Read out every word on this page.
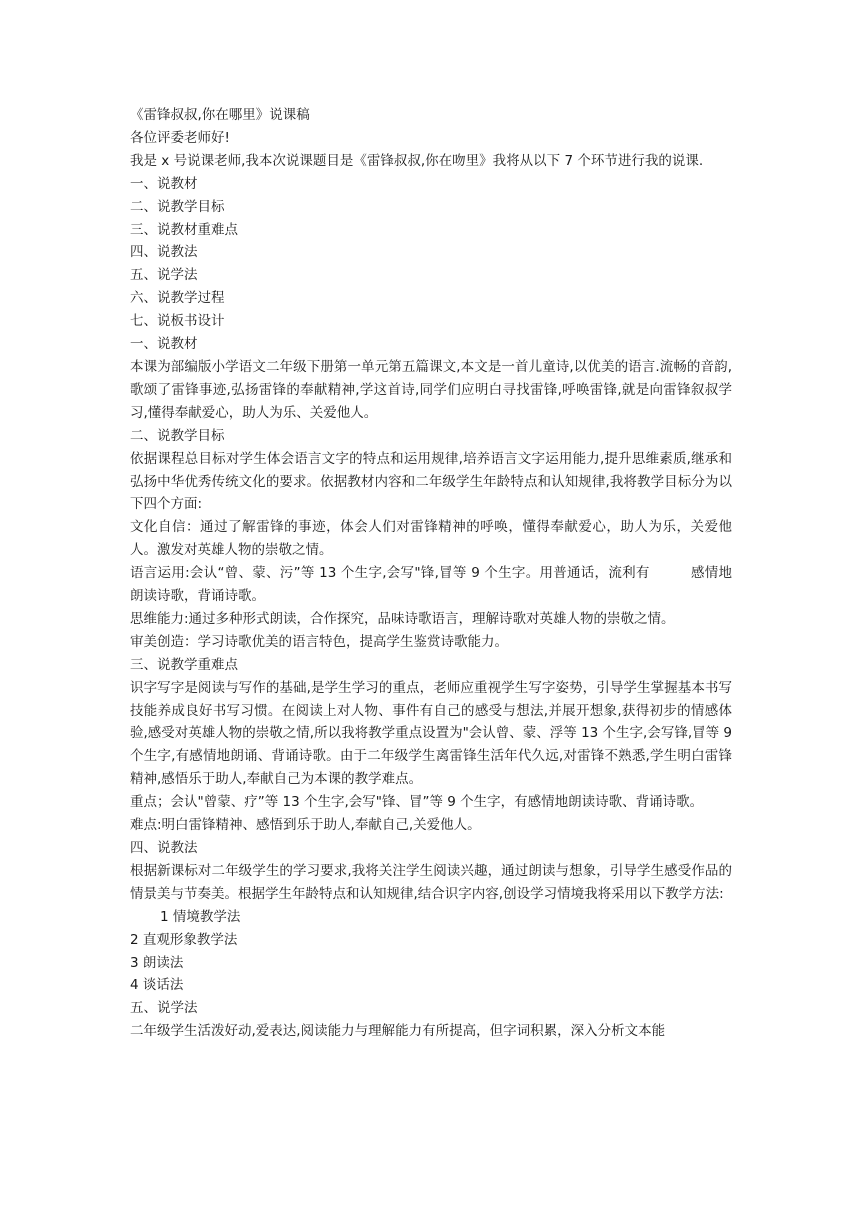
《雷锋叔叔,你在哪里》说课稿
各位评委老师好!
我是 x 号说课老师,我本次说课题目是《雷锋叔叔,你在吻里》我将从以下 7 个环节进行我的说课.
一、说教材
二、说教学目标
三、说教材重难点
四、说教法
五、说学法
六、说教学过程
七、说板书设计
一、说教材
本课为部编版小学语文二年级下册第一单元第五篇课文,本文是一首儿童诗,以优美的语言.流畅的音韵,歌颂了雷锋事迹,弘扬雷锋的奉献精神,学这首诗,同学们应明白寻找雷锋,呼唤雷锋,就是向雷锋叙叔学习,懂得奉献爱心，助人为乐、关爱他人。
二、说教学目标
依据课程总目标对学生体会语言文字的特点和运用规律,培养语言文字运用能力,提升思维素质,继承和弘扬中华优秀传统文化的要求。依据教材内容和二年级学生年龄特点和认知规律,我将教学目标分为以下四个方面:
文化自信：通过了解雷锋的事迹，体会人们对雷锋精神的呼唤，懂得奉献爱心，助人为乐，关爱他人。激发对英雄人物的崇敬之情。
语言运用:会认“曾、蒙、污”等 13 个生字,会写"锋,冒等 9 个生字。用普通话，流利有　　　感情地朗读诗歌，背诵诗歌。
思维能力:通过多种形式朗读，合作探究，品味诗歌语言，理解诗歌对英雄人物的崇敬之情。
审美创造：学习诗歌优美的语言特色，提高学生鉴赏诗歌能力。
三、说教学重难点
识字写字是阅读与写作的基础,是学生学习的重点，老师应重视学生写字姿势，引导学生掌握基本书写技能养成良好书写习惯。在阅读上对人物、事件有自己的感受与想法,并展开想象,获得初步的情感体验,感受对英雄人物的崇敬之情,所以我将教学重点设置为"会认曾、蒙、浮等 13 个生字,会写锋,冒等 9 个生字,有感情地朗诵、背诵诗歌。由于二年级学生离雷锋生活年代久远,对雷锋不熟悉,学生明白雷锋精神,感悟乐于助人,奉献自己为本课的教学难点。
重点；会认"曾蒙、疗”等 13 个生字,会写"锋、冒”等 9 个生字，有感情地朗读诗歌、背诵诗歌。
难点:明白雷锋精神、感悟到乐于助人,奉献自己,关爱他人。
四、说教法
根据新课标对二年级学生的学习要求,我将关注学生阅读兴趣，通过朗读与想象，引导学生感受作品的情景美与节奏美。根据学生年龄特点和认知规律,结合识字内容,创设学习情境我将采用以下教学方法:
1 情境教学法
2 直观形象教学法
3 朗读法
4 谈话法
五、说学法
二年级学生活泼好动,爱表达,阅读能力与理解能力有所提高，但字词积累，深入分析文本能
